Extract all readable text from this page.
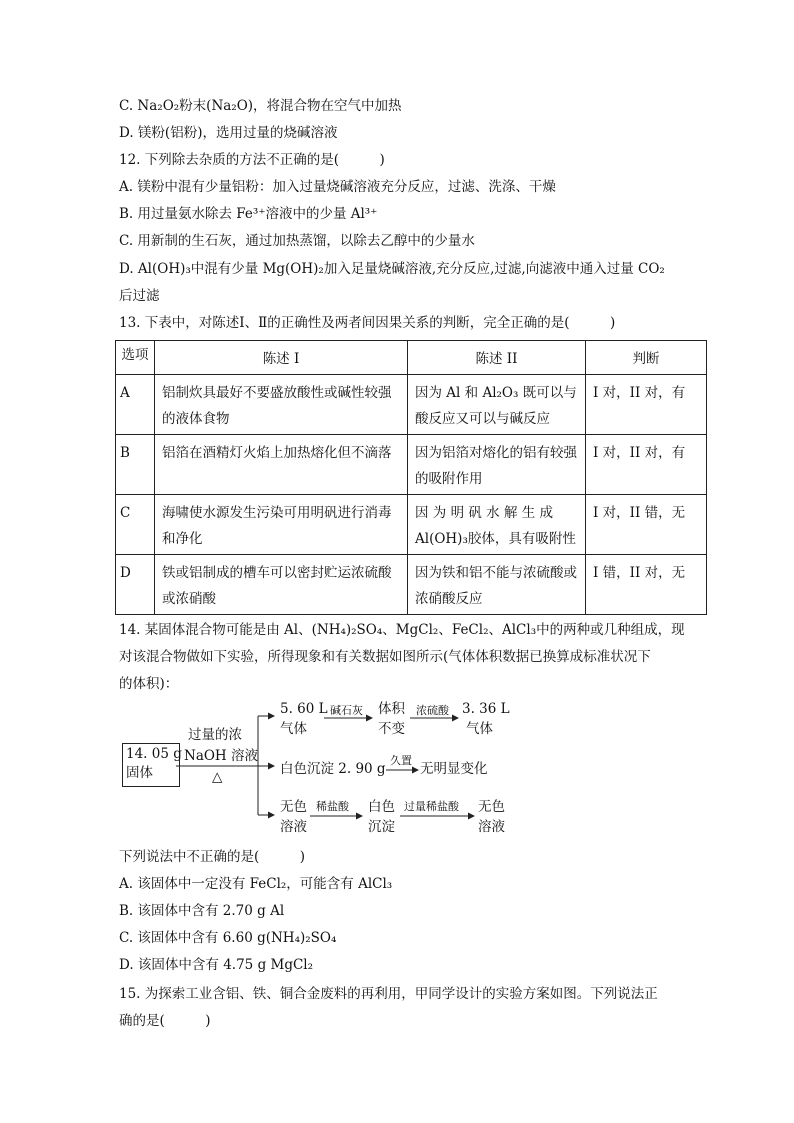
C. Na₂O₂粉末(Na₂O)，将混合物在空气中加热
D. 镁粉(铝粉)，选用过量的烧碱溶液
12. 下列除去杂质的方法不正确的是(　　　)
A. 镁粉中混有少量铝粉：加入过量烧碱溶液充分反应，过滤、洗涤、干燥
B. 用过量氨水除去 Fe³⁺溶液中的少量 Al³⁺
C. 用新制的生石灰，通过加热蒸馏，以除去乙醇中的少量水
D. Al(OH)₃中混有少量 Mg(OH)₂加入足量烧碱溶液,充分反应,过滤,向滤液中通入过量 CO₂
后过滤
13. 下表中，对陈述Ⅰ、Ⅱ的正确性及两者间因果关系的判断，完全正确的是(　　　)
选项	陈述 I	陈述 II	判断
A	铝制炊具最好不要盛放酸性或碱性较强的液体食物	因为 Al 和 Al₂O₃ 既可以与酸反应又可以与碱反应	I 对，II 对，有
B	铝箔在酒精灯火焰上加热熔化但不滴落	因为铝箔对熔化的铝有较强的吸附作用	I 对，II 对，有
C	海啸使水源发生污染可用明矾进行消毒和净化	因 为 明 矾 水 解 生 成 Al(OH)₃胶体，具有吸附性	I 对，II 错，无
D	铁或铝制成的槽车可以密封贮运浓硫酸或浓硝酸	因为铁和铝不能与浓硫酸或浓硝酸反应	I 错，II 对，无
14. 某固体混合物可能是由 Al、(NH₄)₂SO₄、MgCl₂、FeCl₂、AlCl₃中的两种或几种组成，现
对该混合物做如下实验，所得现象和有关数据如图所示(气体体积数据已换算成标准状况下
的体积)：
14. 05 g
固体
过量的浓
NaOH 溶液
△
5. 60 L
气体
碱石灰 体积
不变
浓硫酸 3. 36 L
气体
白色沉淀 2. 90 g
久置
无明显变化
无色
溶液
稀盐酸 白色
沉淀
过量稀盐酸 无色
溶液
下列说法中不正确的是(　　　)
A. 该固体中一定没有 FeCl₂，可能含有 AlCl₃
B. 该固体中含有 2.70 g Al
C. 该固体中含有 6.60 g(NH₄)₂SO₄
D. 该固体中含有 4.75 g MgCl₂
15. 为探索工业含铝、铁、铜合金废料的再利用，甲同学设计的实验方案如图。下列说法正
确的是(　　　)
